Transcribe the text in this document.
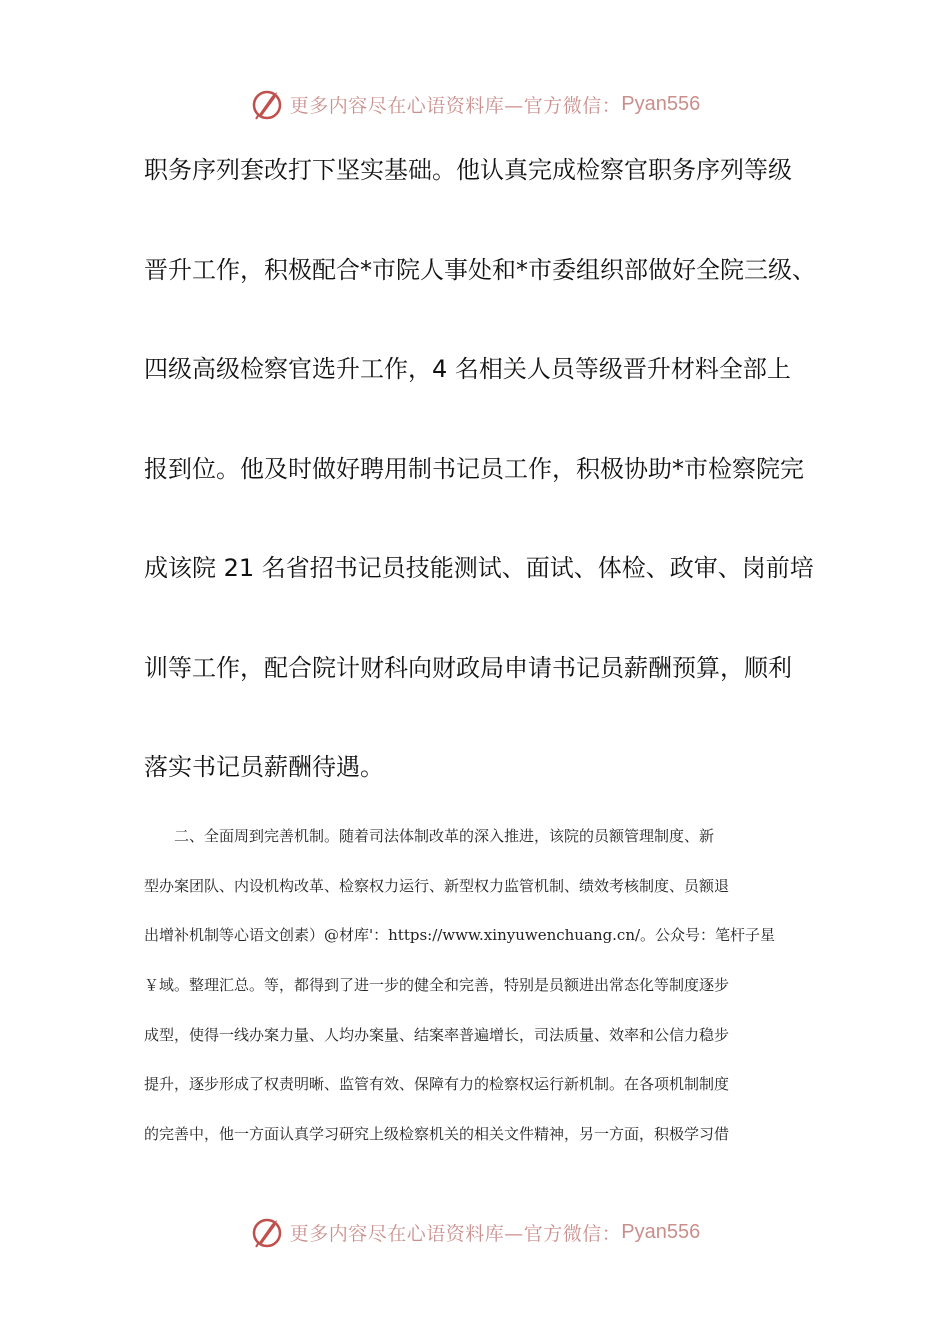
更多内容尽在心语资料库—官方微信： Pyan556
职务序列套改打下坚实基础。他认真完成检察官职务序列等级
晋升工作，积极配合*市院人事处和*市委组织部做好全院三级、
四级高级检察官选升工作，4 名相关人员等级晋升材料全部上
报到位。他及时做好聘用制书记员工作，积极协助*市检察院完
成该院 21 名省招书记员技能测试、面试、体检、政审、岗前培
训等工作，配合院计财科向财政局申请书记员薪酬预算，顺利
落实书记员薪酬待遇。
　　二、全面周到完善机制。随着司法体制改革的深入推进，该院的员额管理制度、新
型办案团队、内设机构改革、检察权力运行、新型权力监管机制、绩效考核制度、员额退
出增补机制等心语文创素）@材库'：https://www.xinyuwenchuang.cn/。公众号：笔杆子星
￥域。整理汇总。等，都得到了进一步的健全和完善，特别是员额进出常态化等制度逐步
成型，使得一线办案力量、人均办案量、结案率普遍增长，司法质量、效率和公信力稳步
提升，逐步形成了权责明晰、监管有效、保障有力的检察权运行新机制。在各项机制制度
的完善中，他一方面认真学习研究上级检察机关的相关文件精神，另一方面，积极学习借
更多内容尽在心语资料库—官方微信： Pyan556
